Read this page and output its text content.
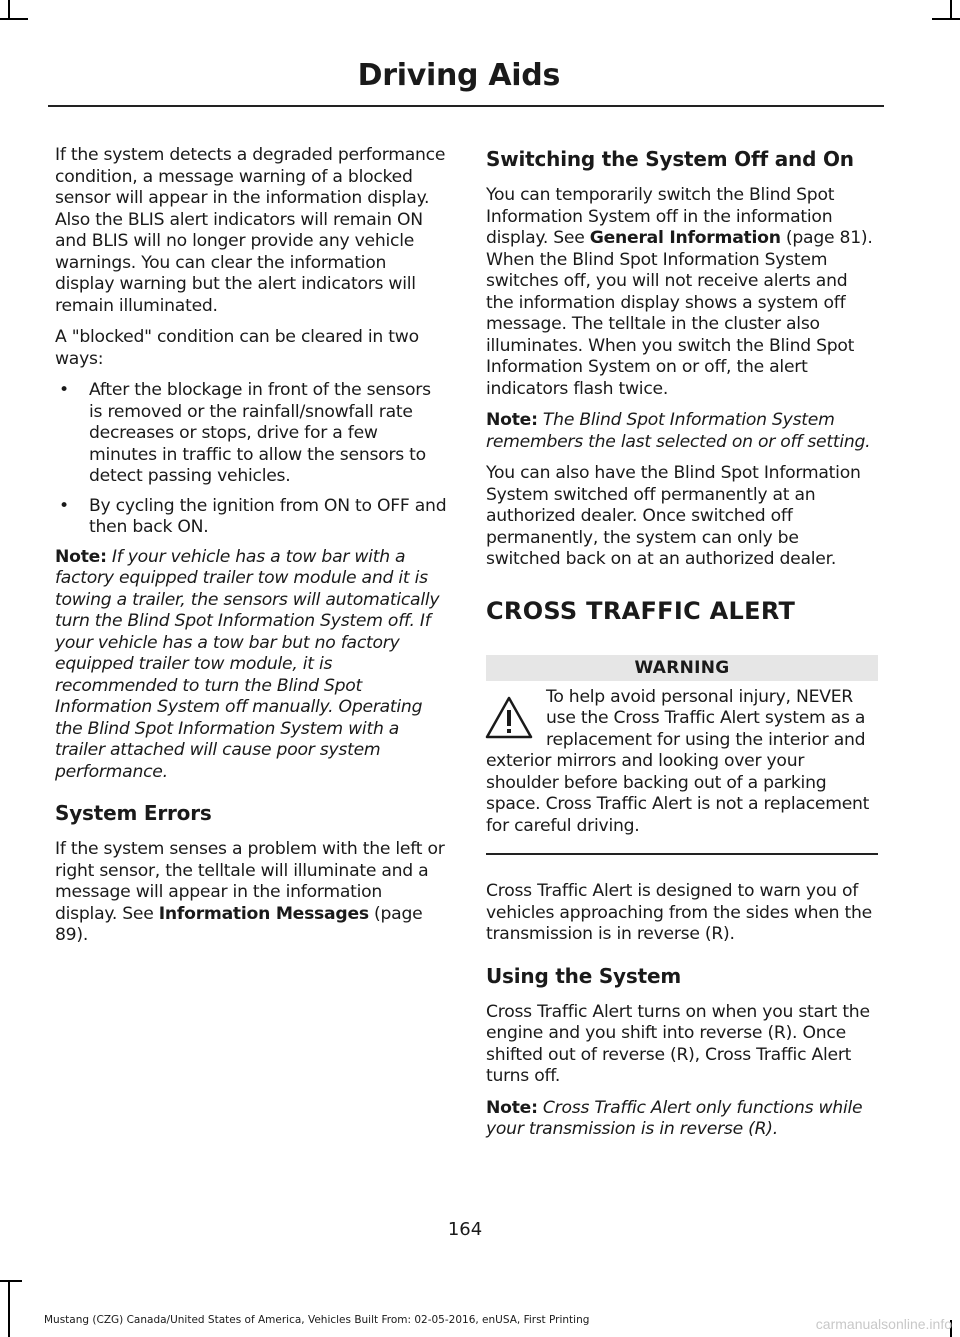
Driving Aids

If the system detects a degraded performance condition, a message warning of a blocked sensor will appear in the information display. Also the BLIS alert indicators will remain ON and BLIS will no longer provide any vehicle warnings. You can clear the information display warning but the alert indicators will remain illuminated.

A "blocked" condition can be cleared in two ways:

• After the blockage in front of the sensors is removed or the rainfall/snowfall rate decreases or stops, drive for a few minutes in traffic to allow the sensors to detect passing vehicles.
• By cycling the ignition from ON to OFF and then back ON.

Note: If your vehicle has a tow bar with a factory equipped trailer tow module and it is towing a trailer, the sensors will automatically turn the Blind Spot Information System off. If your vehicle has a tow bar but no factory equipped trailer tow module, it is recommended to turn the Blind Spot Information System off manually. Operating the Blind Spot Information System with a trailer attached will cause poor system performance.

System Errors

If the system senses a problem with the left or right sensor, the telltale will illuminate and a message will appear in the information display. See Information Messages (page 89).

Switching the System Off and On

You can temporarily switch the Blind Spot Information System off in the information display. See General Information (page 81). When the Blind Spot Information System switches off, you will not receive alerts and the information display shows a system off message. The telltale in the cluster also illuminates. When you switch the Blind Spot Information System on or off, the alert indicators flash twice.

Note: The Blind Spot Information System remembers the last selected on or off setting.

You can also have the Blind Spot Information System switched off permanently at an authorized dealer. Once switched off permanently, the system can only be switched back on at an authorized dealer.

CROSS TRAFFIC ALERT
WARNING
To help avoid personal injury, NEVER use the Cross Traffic Alert system as a replacement for using the interior and exterior mirrors and looking over your shoulder before backing out of a parking space. Cross Traffic Alert is not a replacement for careful driving.

Cross Traffic Alert is designed to warn you of vehicles approaching from the sides when the transmission is in reverse (R).

Using the System

Cross Traffic Alert turns on when you start the engine and you shift into reverse (R). Once shifted out of reverse (R), Cross Traffic Alert turns off.

Note: Cross Traffic Alert only functions while your transmission is in reverse (R).

164
Mustang (CZG) Canada/United States of America, Vehicles Built From: 02-05-2016, enUSA, First Printing	carmanualsonline.info
